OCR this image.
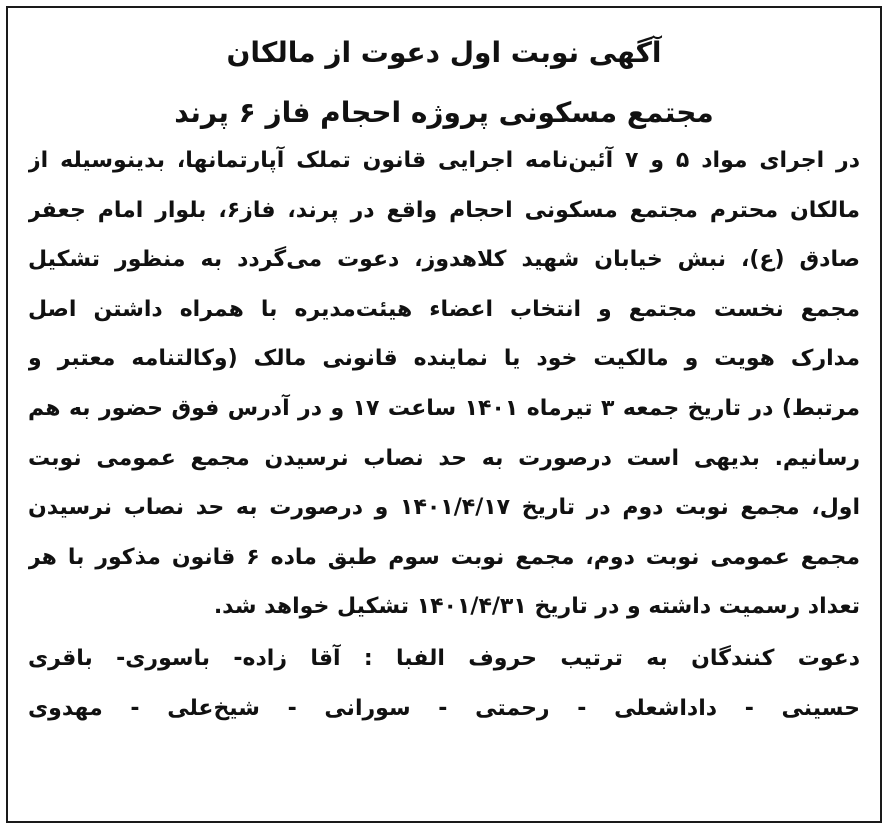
آگهی نوبت اول دعوت از مالکان
مجتمع مسکونی پروژه احجام فاز ۶ پرند
در اجرای مواد ۵ و ۷ آئین‌نامه اجرایی قانون تملک آپارتمانها، بدینوسیله از
مالکان محترم مجتمع مسکونی احجام واقع در پرند، فاز۶، بلوار امام جعفر
صادق (ع)، نبش خیابان شهید کلاهدوز، دعوت می‌گردد به منظور تشکیل
مجمع نخست مجتمع و انتخاب اعضاء هیئت‌مدیره با همراه داشتن اصل
مدارک هویت و مالکیت خود یا نماینده قانونی مالک (وکالتنامه معتبر و
مرتبط) در تاریخ جمعه ۳ تیرماه ۱۴۰۱ ساعت ۱۷ و در آدرس فوق حضور به هم
رسانیم. بدیهی است درصورت به حد نصاب نرسیدن مجمع عمومی نوبت
اول، مجمع نوبت دوم در تاریخ ۱۴۰۱/۴/۱۷ و درصورت به حد نصاب نرسیدن
مجمع عمومی نوبت دوم، مجمع نوبت سوم طبق ماده ۶ قانون مذکور با هر
تعداد رسمیت داشته و در تاریخ ۱۴۰۱/۴/۳۱ تشکیل خواهد شد.
دعوت کنندگان به ترتیب حروف الفبا : آقا زاده- باسوری- باقری
حسینی - داداشعلی - رحمتی - سورانی - شیخ‌علی - مهدوی
